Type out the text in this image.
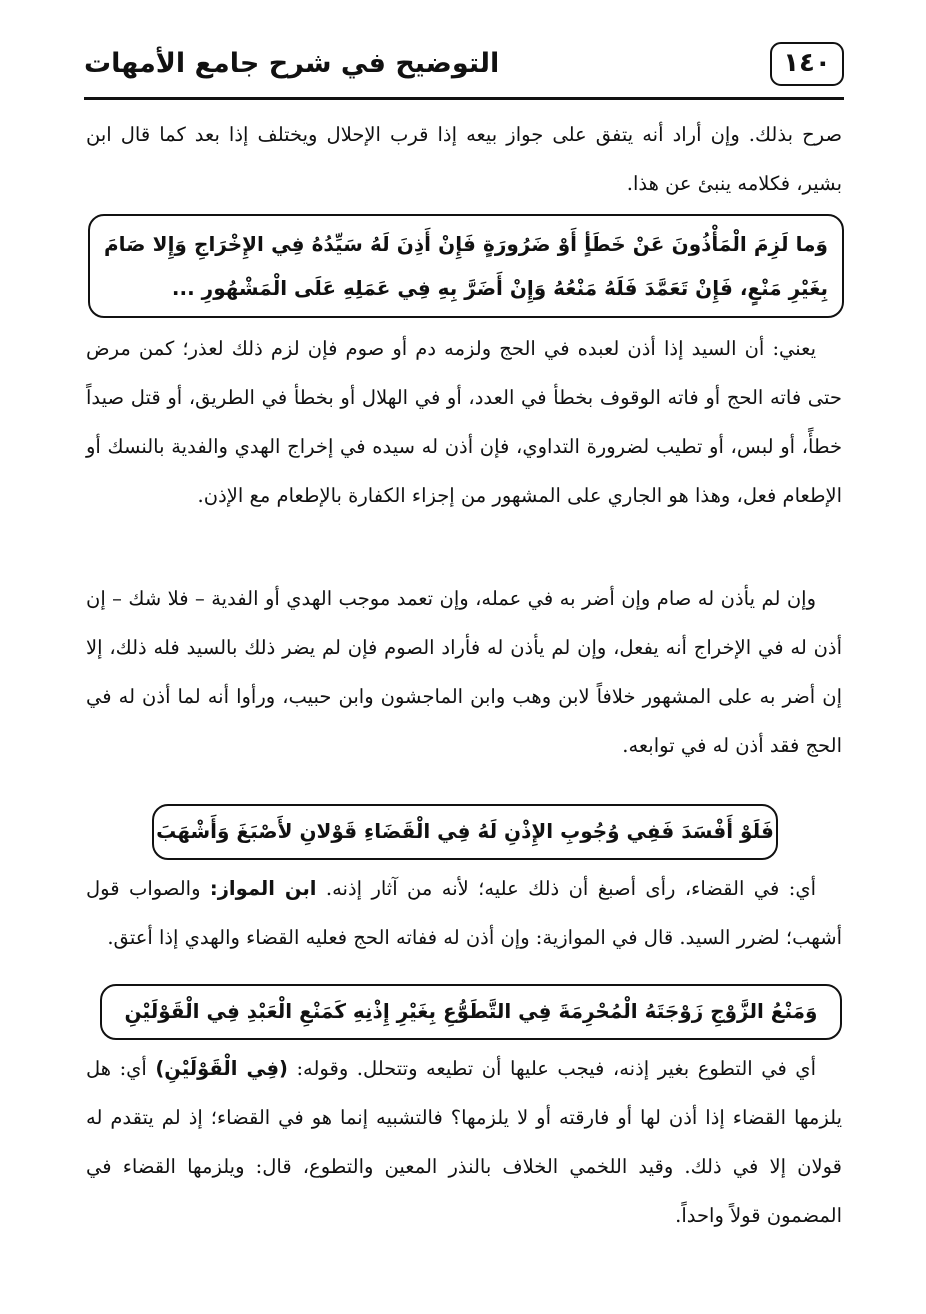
التوضيح في شرح جامع الأمهات	١٤٠

صرح بذلك. وإن أراد أنه يتفق على جواز بيعه إذا قرب الإحلال ويختلف إذا بعد كما قال ابن بشير، فكلامه ينبئ عن هذا.

وَما لَزِمَ الْمَأْذُونَ عَنْ خَطَأٍ أَوْ ضَرُورَةٍ فَإِنْ أَذِنَ لَهُ سَيِّدُهُ فِي الإِخْرَاجِ وَإِلا صَامَ بِغَيْرِ مَنْعٍ، فَإِنْ تَعَمَّدَ فَلَهُ مَنْعُهُ وَإِنْ أَضَرَّ بِهِ فِي عَمَلِهِ عَلَى الْمَشْهُورِ ...

يعني: أن السيد إذا أذن لعبده في الحج ولزمه دم أو صوم فإن لزم ذلك لعذر؛ كمن مرض حتى فاته الحج أو فاته الوقوف بخطأ في العدد، أو في الهلال أو بخطأ في الطريق، أو قتل صيداً خطأً، أو لبس، أو تطيب لضرورة التداوي، فإن أذن له سيده في إخراج الهدي والفدية بالنسك أو الإطعام فعل، وهذا هو الجاري على المشهور من إجزاء الكفارة بالإطعام مع الإذن.

وإن لم يأذن له صام وإن أضر به في عمله، وإن تعمد موجب الهدي أو الفدية – فلا شك – إن أذن له في الإخراج أنه يفعل، وإن لم يأذن له فأراد الصوم فإن لم يضر ذلك بالسيد فله ذلك، إلا إن أضر به على المشهور خلافاً لابن وهب وابن الماجشون وابن حبيب، ورأوا أنه لما أذن له في الحج فقد أذن له في توابعه.

فَلَوْ أَفْسَدَ فَفِي وُجُوبِ الإِذْنِ لَهُ فِي الْقَضَاءِ قَوْلانِ لأَصْبَغَ وَأَشْهَبَ

أي: في القضاء، رأى أصبغ أن ذلك عليه؛ لأنه من آثار إذنه. ابن المواز: والصواب قول أشهب؛ لضرر السيد. قال في الموازية: وإن أذن له ففاته الحج فعليه القضاء والهدي إذا أعتق.

وَمَنْعُ الزَّوْجِ زَوْجَتَهُ الْمُحْرِمَةَ فِي التَّطَوُّعِ بِغَيْرِ إِذْنِهِ كَمَنْعِ الْعَبْدِ فِي الْقَوْلَيْنِ

أي في التطوع بغير إذنه، فيجب عليها أن تطيعه وتتحلل. وقوله: (فِي الْقَوْلَيْنِ) أي: هل يلزمها القضاء إذا أذن لها أو فارقته أو لا يلزمها؟ فالتشبيه إنما هو في القضاء؛ إذ لم يتقدم له قولان إلا في ذلك. وقيد اللخمي الخلاف بالنذر المعين والتطوع، قال: ويلزمها القضاء في المضمون قولاً واحداً.
